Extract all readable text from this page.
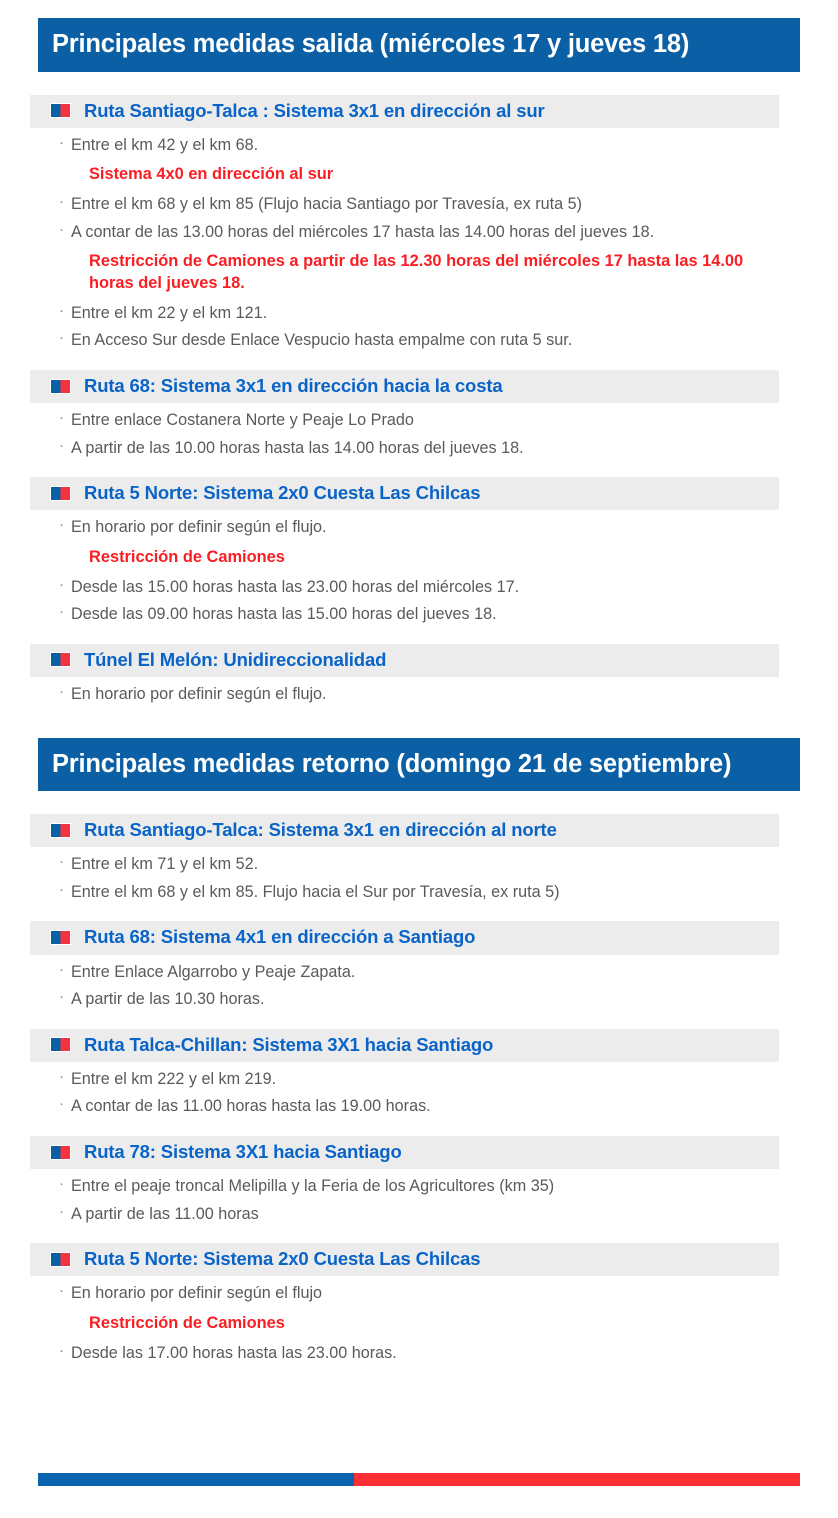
Principales medidas salida (miércoles 17 y jueves 18)
Ruta Santiago-Talca : Sistema 3x1 en dirección al sur
· Entre el km 42 y el km 68.
Sistema 4x0 en dirección al sur
· Entre el km 68 y el km 85 (Flujo hacia Santiago por Travesía, ex ruta 5)
· A contar de las 13.00 horas del miércoles 17 hasta las 14.00 horas del jueves 18.
Restricción de Camiones a partir de las 12.30 horas del miércoles 17 hasta las 14.00 horas del jueves 18.
· Entre el km 22 y el km 121.
· En Acceso Sur desde Enlace Vespucio hasta empalme con ruta 5 sur.
Ruta 68: Sistema 3x1 en dirección hacia la costa
· Entre enlace Costanera Norte y Peaje Lo Prado
· A partir de las 10.00 horas hasta las 14.00 horas del jueves 18.
Ruta 5 Norte: Sistema 2x0 Cuesta Las Chilcas
· En horario por definir según el flujo.
Restricción de Camiones
· Desde las 15.00 horas hasta las 23.00 horas del miércoles 17.
· Desde las 09.00 horas hasta las 15.00 horas del jueves 18.
Túnel El Melón: Unidireccionalidad
· En horario por definir según el flujo.
Principales medidas retorno (domingo 21 de septiembre)
Ruta Santiago-Talca: Sistema 3x1 en dirección al norte
· Entre el km 71 y el km 52.
· Entre el km 68 y el km 85. Flujo hacia el Sur por Travesía, ex ruta 5)
Ruta 68: Sistema 4x1 en dirección a Santiago
· Entre Enlace Algarrobo y Peaje Zapata.
· A partir de las 10.30 horas.
Ruta Talca-Chillan: Sistema 3X1 hacia Santiago
· Entre el km 222 y el km 219.
· A contar de las 11.00 horas hasta las 19.00 horas.
Ruta 78: Sistema 3X1 hacia Santiago
· Entre el peaje troncal Melipilla y la Feria de los Agricultores (km 35)
· A partir de las 11.00 horas
Ruta 5 Norte: Sistema 2x0 Cuesta Las Chilcas
· En horario por definir según el flujo
Restricción de Camiones
· Desde las 17.00 horas hasta las 23.00 horas.
